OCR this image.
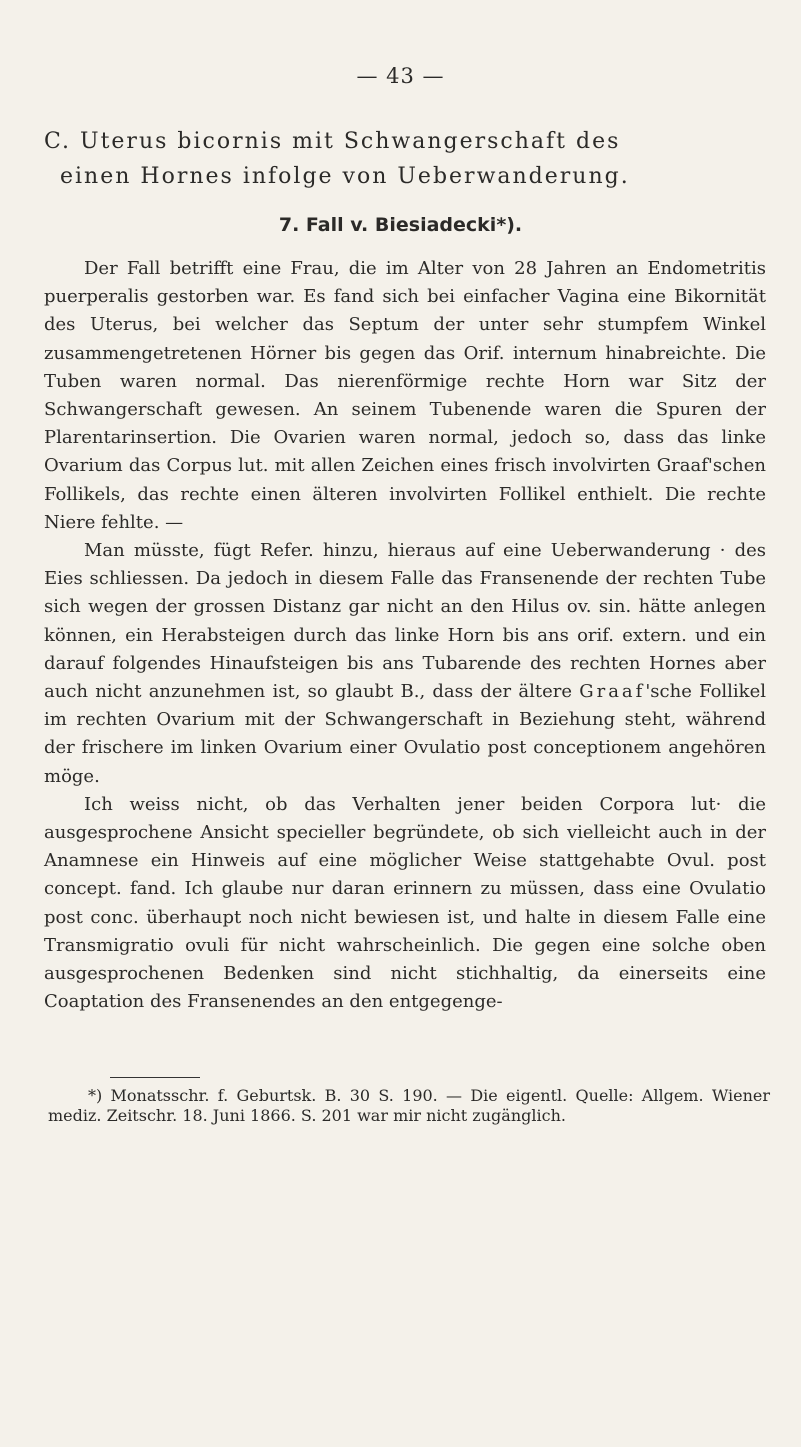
— 43 —
C. Uterus bicornis mit Schwangerschaft des
einen Hornes infolge von Ueberwanderung.
7. Fall v. Biesiadecki*).

Der Fall betrifft eine Frau, die im Alter von 28 Jahren an Endometritis puerperalis gestorben war. Es fand sich bei einfacher Vagina eine Bikornität des Uterus, bei welcher das Septum der unter sehr stumpfem Winkel zusammengetretenen Hörner bis gegen das Orif. internum hinabreichte. Die Tuben waren normal. Das nierenförmige rechte Horn war Sitz der Schwangerschaft gewesen. An seinem Tubenende waren die Spuren der Plarentarinsertion. Die Ovarien waren normal, jedoch so, dass das linke Ovarium das Corpus lut. mit allen Zeichen eines frisch involvirten Graaf'schen Follikels, das rechte einen älteren involvirten Follikel enthielt. Die rechte Niere fehlte. —

Man müsste, fügt Refer. hinzu, hieraus auf eine Ueberwanderung · des Eies schliessen. Da jedoch in diesem Falle das Fransenende der rechten Tube sich wegen der grossen Distanz gar nicht an den Hilus ov. sin. hätte anlegen können, ein Herabsteigen durch das linke Horn bis ans orif. extern. und ein darauf folgendes Hinaufsteigen bis ans Tubarende des rechten Hornes aber auch nicht anzunehmen ist, so glaubt B., dass der ältere Graaf'sche Follikel im rechten Ovarium mit der Schwangerschaft in Beziehung steht, während der frischere im linken Ovarium einer Ovulatio post conceptionem angehören möge.

Ich weiss nicht, ob das Verhalten jener beiden Corpora lut· die ausgesprochene Ansicht specieller begründete, ob sich vielleicht auch in der Anamnese ein Hinweis auf eine möglicher Weise stattgehabte Ovul. post concept. fand. Ich glaube nur daran erinnern zu müssen, dass eine Ovulatio post conc. überhaupt noch nicht bewiesen ist, und halte in diesem Falle eine Transmigratio ovuli für nicht wahrscheinlich. Die gegen eine solche oben ausgesprochenen Bedenken sind nicht stichhaltig, da einerseits eine Coaptation des Fransenendes an den entgegenge-

*) Monatsschr. f. Geburtsk. B. 30 S. 190. — Die eigentl. Quelle: Allgem. Wiener mediz. Zeitschr. 18. Juni 1866. S. 201 war mir nicht zugänglich.
